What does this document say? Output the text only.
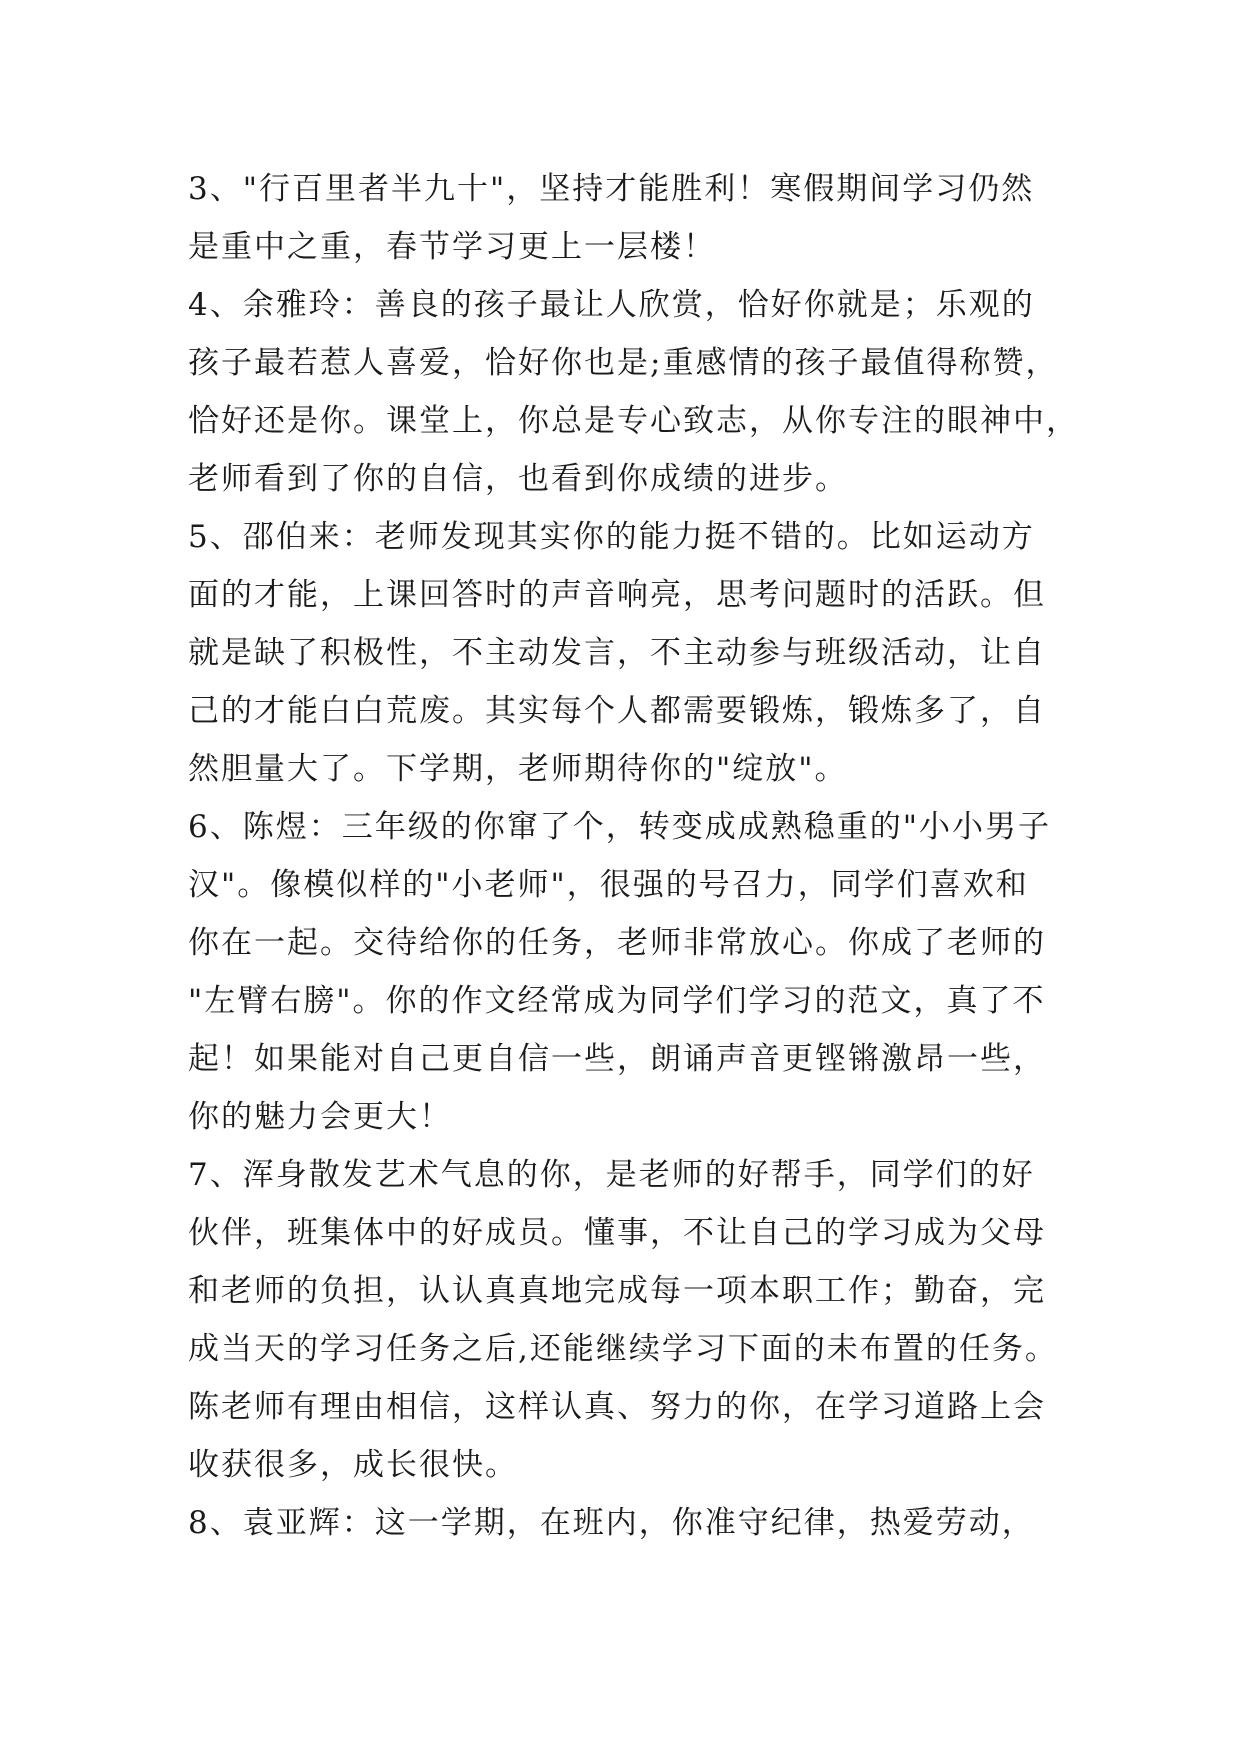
3、"行百里者半九十"，坚持才能胜利！寒假期间学习仍然
是重中之重，春节学习更上一层楼！
4、余雅玲：善良的孩子最让人欣赏，恰好你就是；乐观的
孩子最若惹人喜爱，恰好你也是;重感情的孩子最值得称赞，
恰好还是你。课堂上，你总是专心致志，从你专注的眼神中，
老师看到了你的自信，也看到你成绩的进步。
5、邵伯来：老师发现其实你的能力挺不错的。比如运动方
面的才能，上课回答时的声音响亮，思考问题时的活跃。但
就是缺了积极性，不主动发言，不主动参与班级活动，让自
己的才能白白荒废。其实每个人都需要锻炼，锻炼多了，自
然胆量大了。下学期，老师期待你的"绽放"。
6、陈煜：三年级的你窜了个，转变成成熟稳重的"小小男子
汉"。像模似样的"小老师"，很强的号召力，同学们喜欢和
你在一起。交待给你的任务，老师非常放心。你成了老师的
"左臂右膀"。你的作文经常成为同学们学习的范文，真了不
起！如果能对自己更自信一些，朗诵声音更铿锵激昂一些，
你的魅力会更大！
7、浑身散发艺术气息的你，是老师的好帮手，同学们的好
伙伴，班集体中的好成员。懂事，不让自己的学习成为父母
和老师的负担，认认真真地完成每一项本职工作；勤奋，完
成当天的学习任务之后,还能继续学习下面的未布置的任务。
陈老师有理由相信，这样认真、努力的你，在学习道路上会
收获很多，成长很快。
8、袁亚辉：这一学期，在班内，你准守纪律，热爱劳动，
